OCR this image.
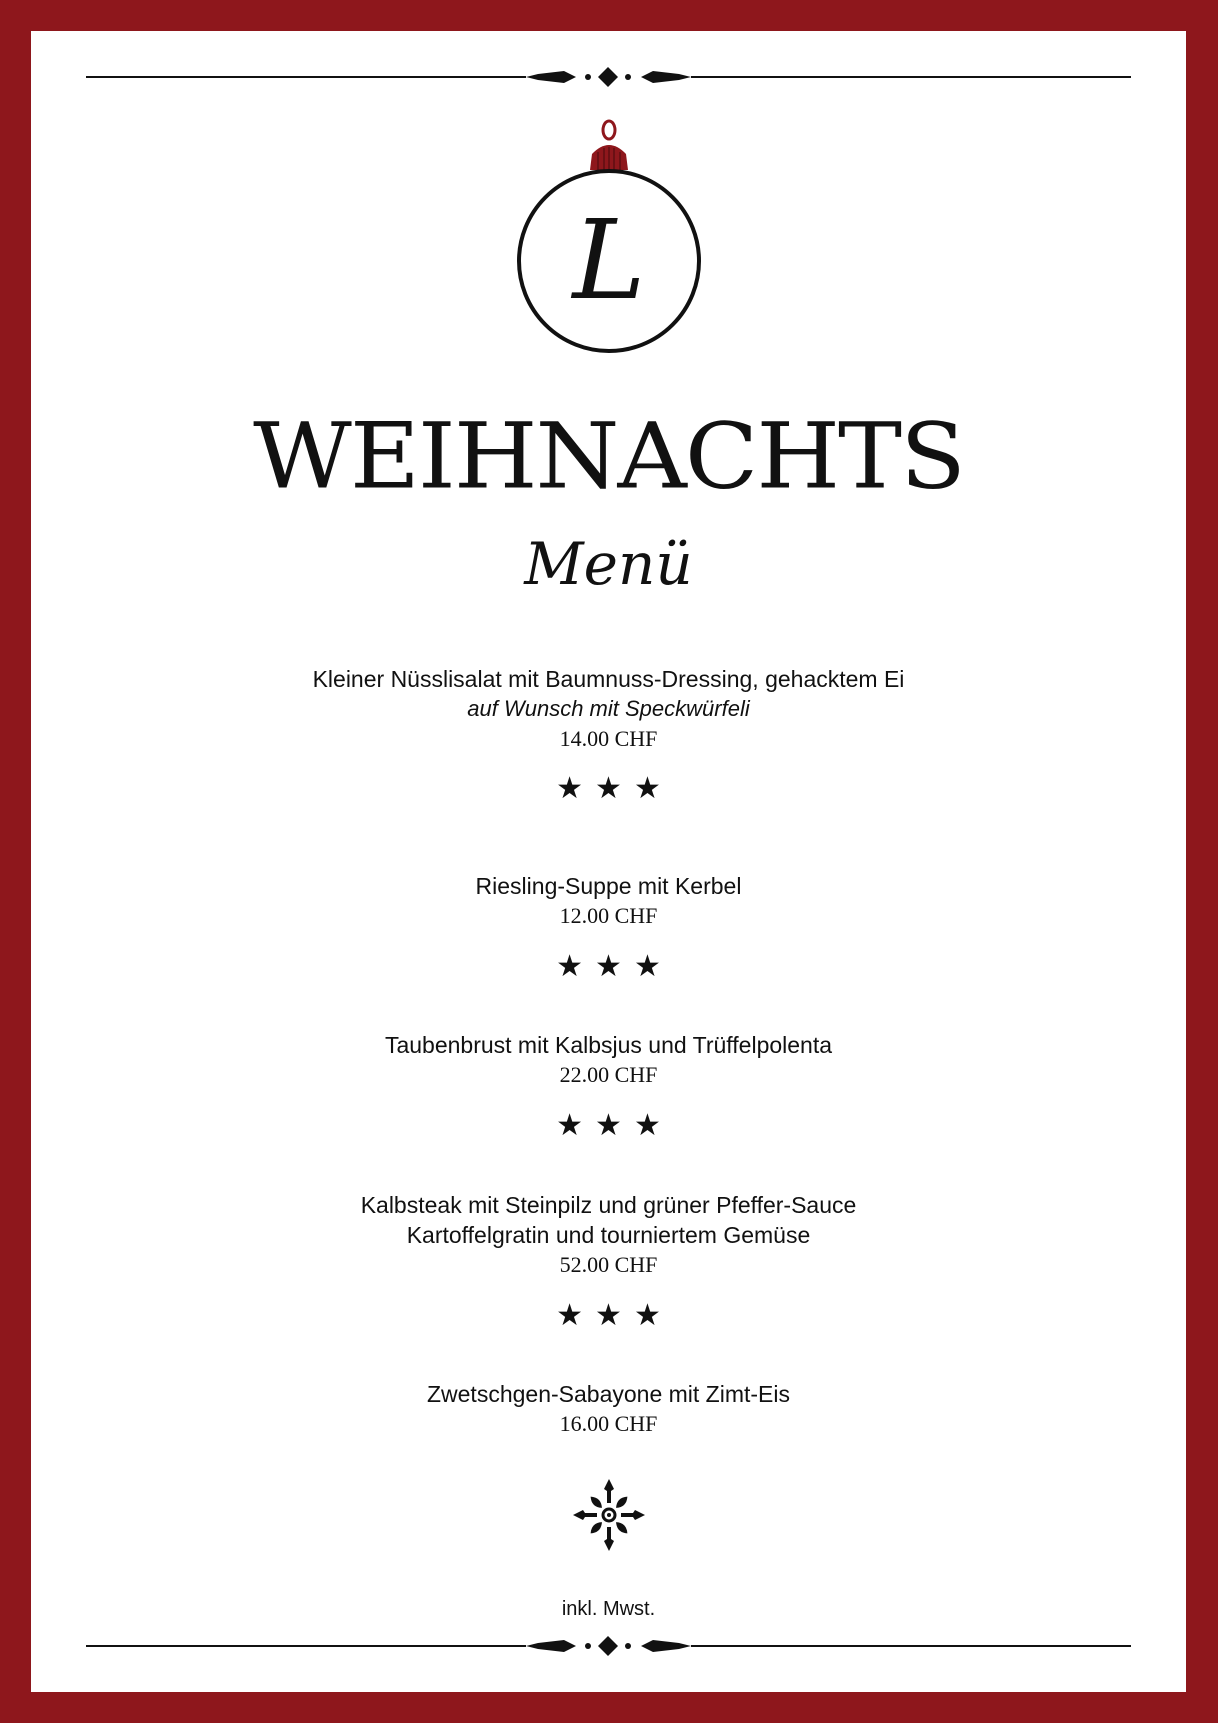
L
WEIHNACHTS
Menü
Kleiner Nüsslisalat mit Baumnuss-Dressing, gehacktem Ei
auf Wunsch mit Speckwürfeli
14.00 CHF
★★★
Riesling-Suppe mit Kerbel
12.00 CHF
★★★
Taubenbrust mit Kalbsjus und Trüffelpolenta
22.00 CHF
★★★
Kalbsteak mit Steinpilz und grüner Pfeffer-Sauce
Kartoffelgratin und tourniertem Gemüse
52.00 CHF
★★★
Zwetschgen-Sabayone mit Zimt-Eis
16.00 CHF
inkl. Mwst.
